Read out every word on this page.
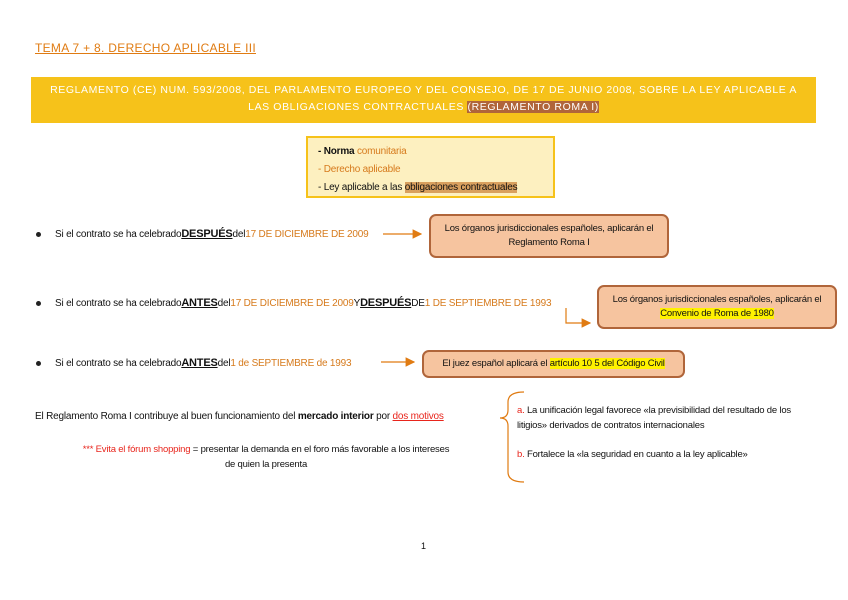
TEMA 7 + 8. DERECHO APLICABLE III
REGLAMENTO (CE) NUM. 593/2008, DEL PARLAMENTO EUROPEO Y DEL CONSEJO, DE 17 DE JUNIO 2008, SOBRE LA LEY APLICABLE A
LAS OBLIGACIONES CONTRACTUALES (REGLAMENTO ROMA I)
- Norma comunitaria
- Derecho aplicable
- Ley aplicable a las obligaciones contractuales
Si el contrato se ha celebrado DESPUÉS del 17 DE DICIEMBRE DE 2009
Si el contrato se ha celebrado ANTES del 17 DE DICIEMBRE DE 2009 Y DESPUÉS DE 1 DE SEPTIEMBRE DE 1993
Si el contrato se ha celebrado ANTES del 1 de SEPTIEMBRE de 1993
Los órganos jurisdiccionales españoles, aplicarán el
Reglamento Roma I
Los órganos jurisdiccionales españoles, aplicarán el
Convenio de Roma de 1980
El juez español aplicará el artículo 10 5 del Código Civil
El Reglamento Roma I contribuye al buen funcionamiento del mercado interior por dos motivos
*** Evita el fórum shopping = presentar la demanda en el foro más favorable a los intereses
de quien la presenta
a. La unificación legal favorece «la previsibilidad del resultado de los
litigios» derivados de contratos internacionales
b. Fortalece la «la seguridad en cuanto a la ley aplicable»
1
